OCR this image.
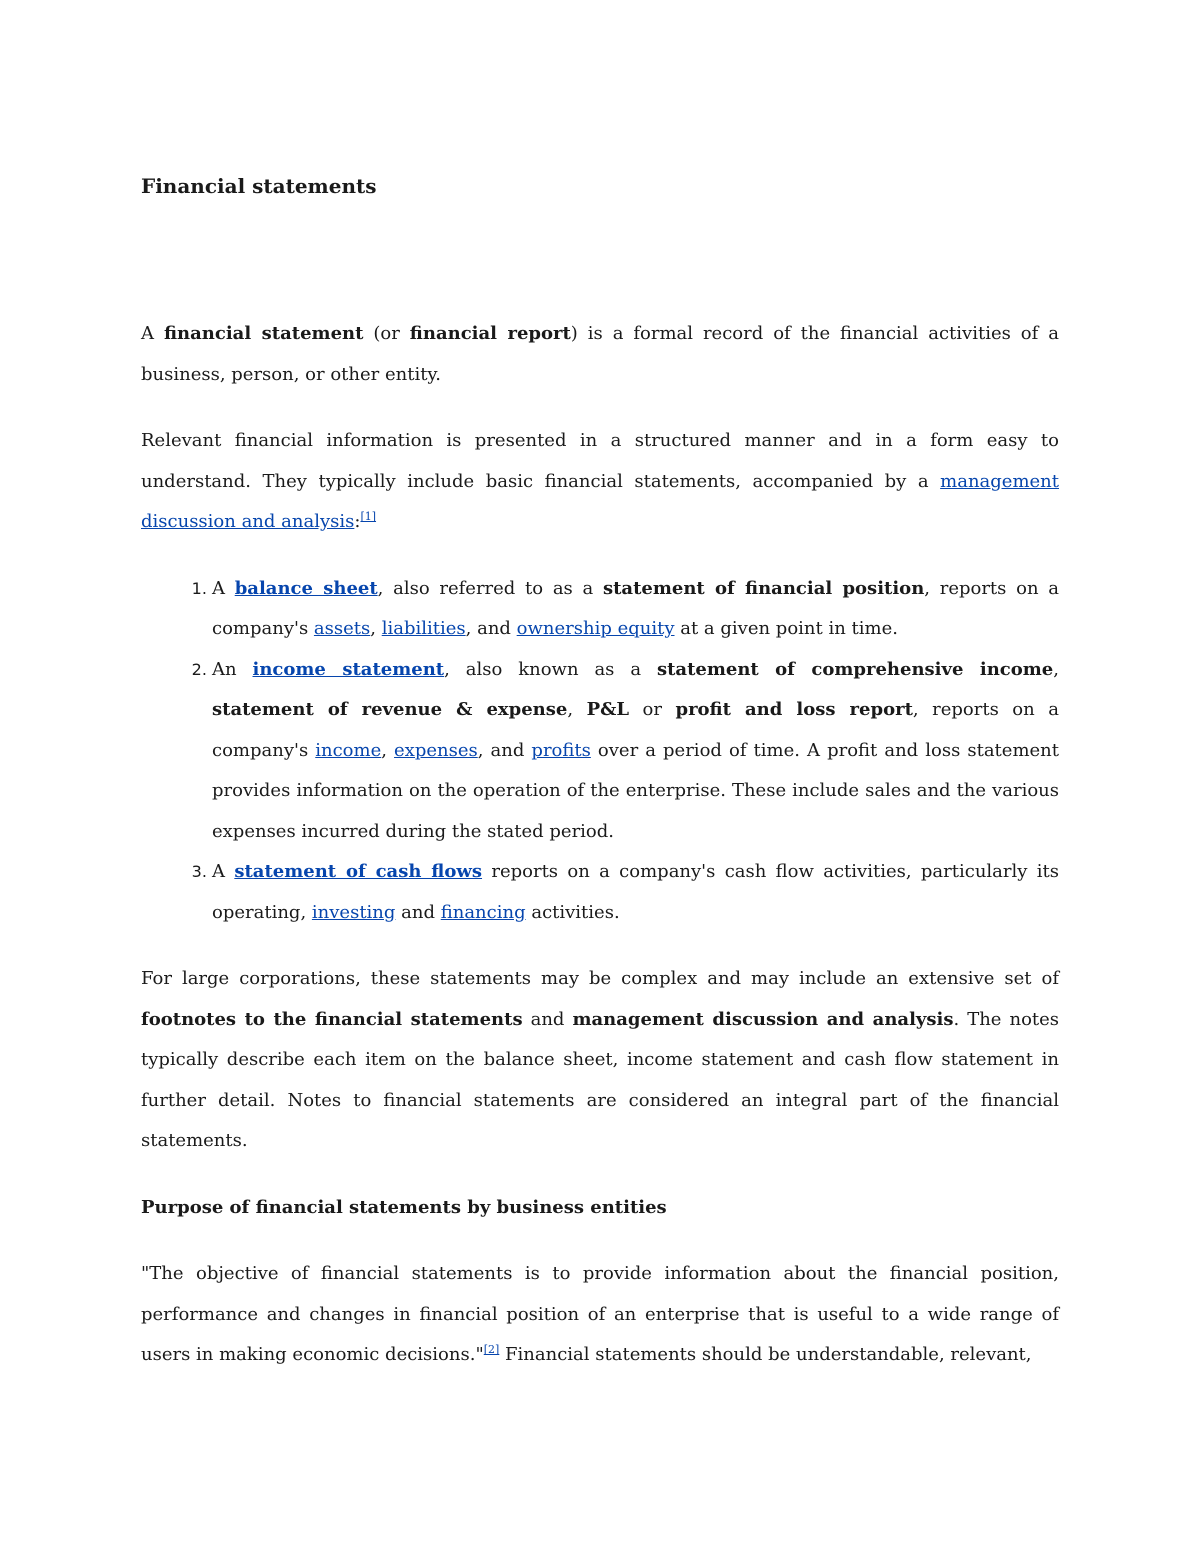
Financial statements

A financial statement (or financial report) is a formal record of the financial activities of a business, person, or other entity.

Relevant financial information is presented in a structured manner and in a form easy to understand. They typically include basic financial statements, accompanied by a management discussion and analysis:[1]

1. A balance sheet, also referred to as a statement of financial position, reports on a company's assets, liabilities, and ownership equity at a given point in time.
2. An income statement, also known as a statement of comprehensive income, statement of revenue & expense, P&L or profit and loss report, reports on a company's income, expenses, and profits over a period of time. A profit and loss statement provides information on the operation of the enterprise. These include sales and the various expenses incurred during the stated period.
3. A statement of cash flows reports on a company's cash flow activities, particularly its operating, investing and financing activities.

For large corporations, these statements may be complex and may include an extensive set of footnotes to the financial statements and management discussion and analysis. The notes typically describe each item on the balance sheet, income statement and cash flow statement in further detail. Notes to financial statements are considered an integral part of the financial statements.

Purpose of financial statements by business entities

"The objective of financial statements is to provide information about the financial position, performance and changes in financial position of an enterprise that is useful to a wide range of users in making economic decisions."[2] Financial statements should be understandable, relevant,
